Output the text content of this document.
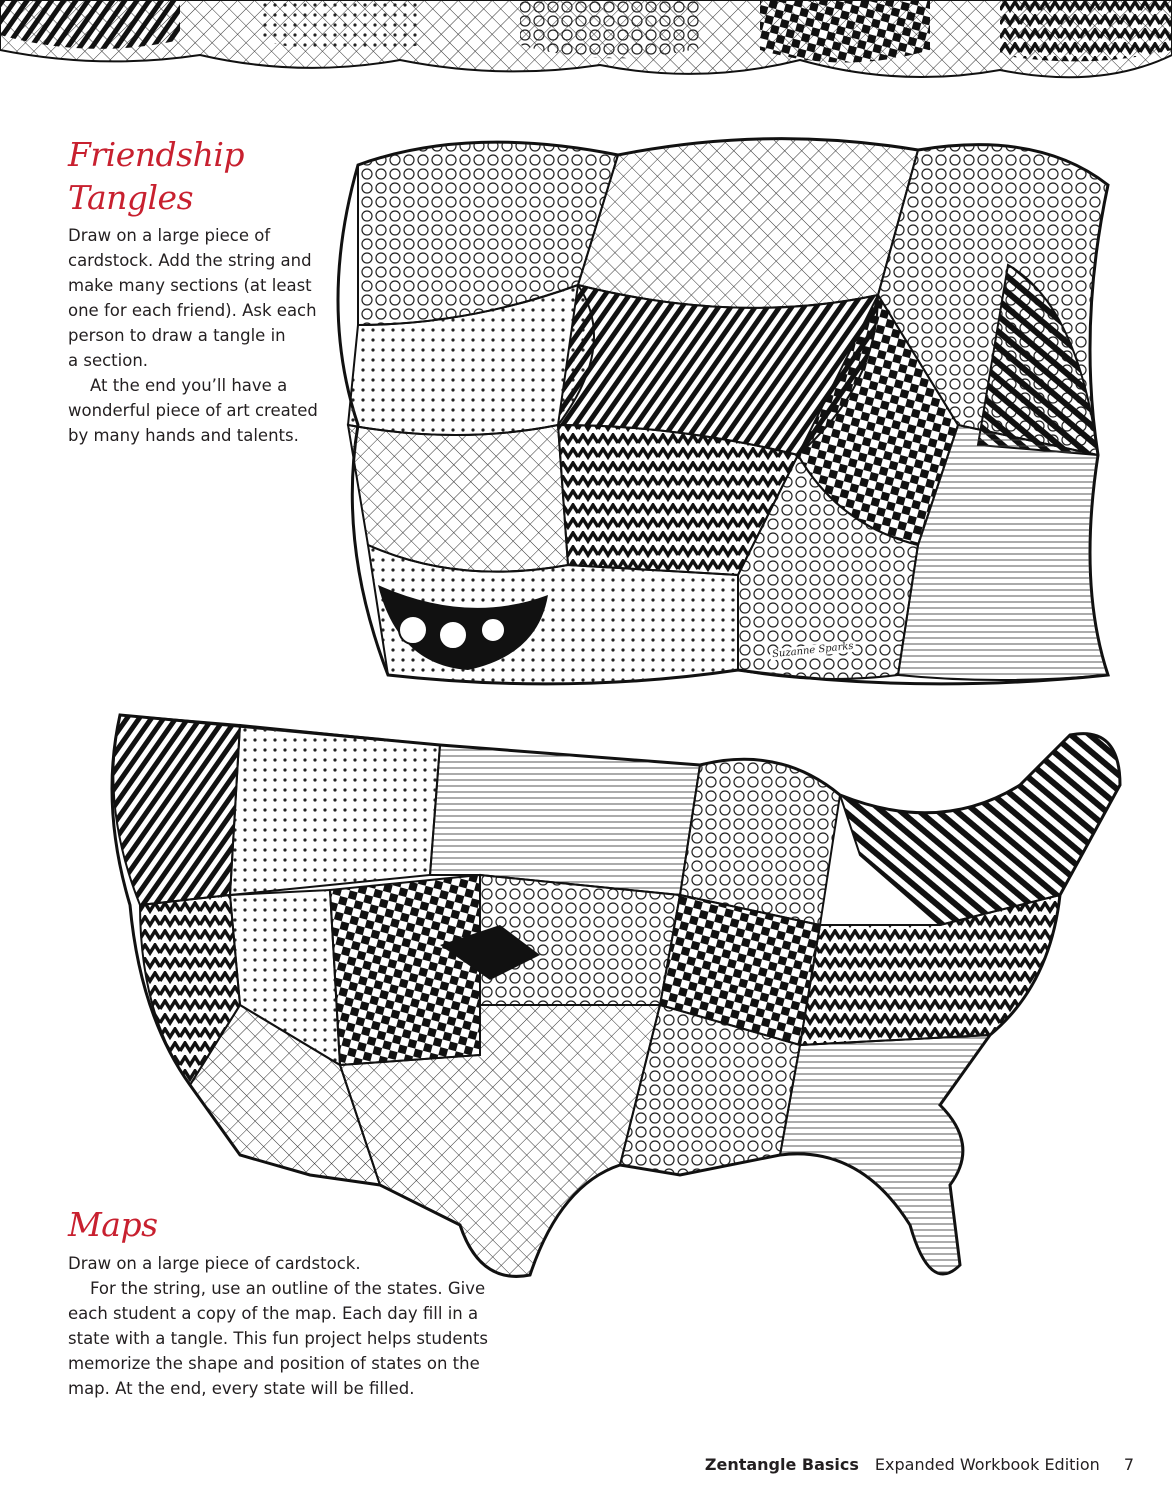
Friendship
Tangles

Draw on a large piece of
cardstock. Add the string and
make many sections (at least
one for each friend). Ask each
person to draw a tangle in
a section.

At the end you’ll have a
wonderful piece of art created
by many hands and talents.

Suzanne Sparks
Maps

Draw on a large piece of cardstock.

For the string, use an outline of the states. Give

each student a copy of the map. Each day fill in a
state with a tangle. This fun project helps students
memorize the shape and position of states on the
map. At the end, every state will be filled.

Zentangle Basics Expanded Workbook Edition 7
